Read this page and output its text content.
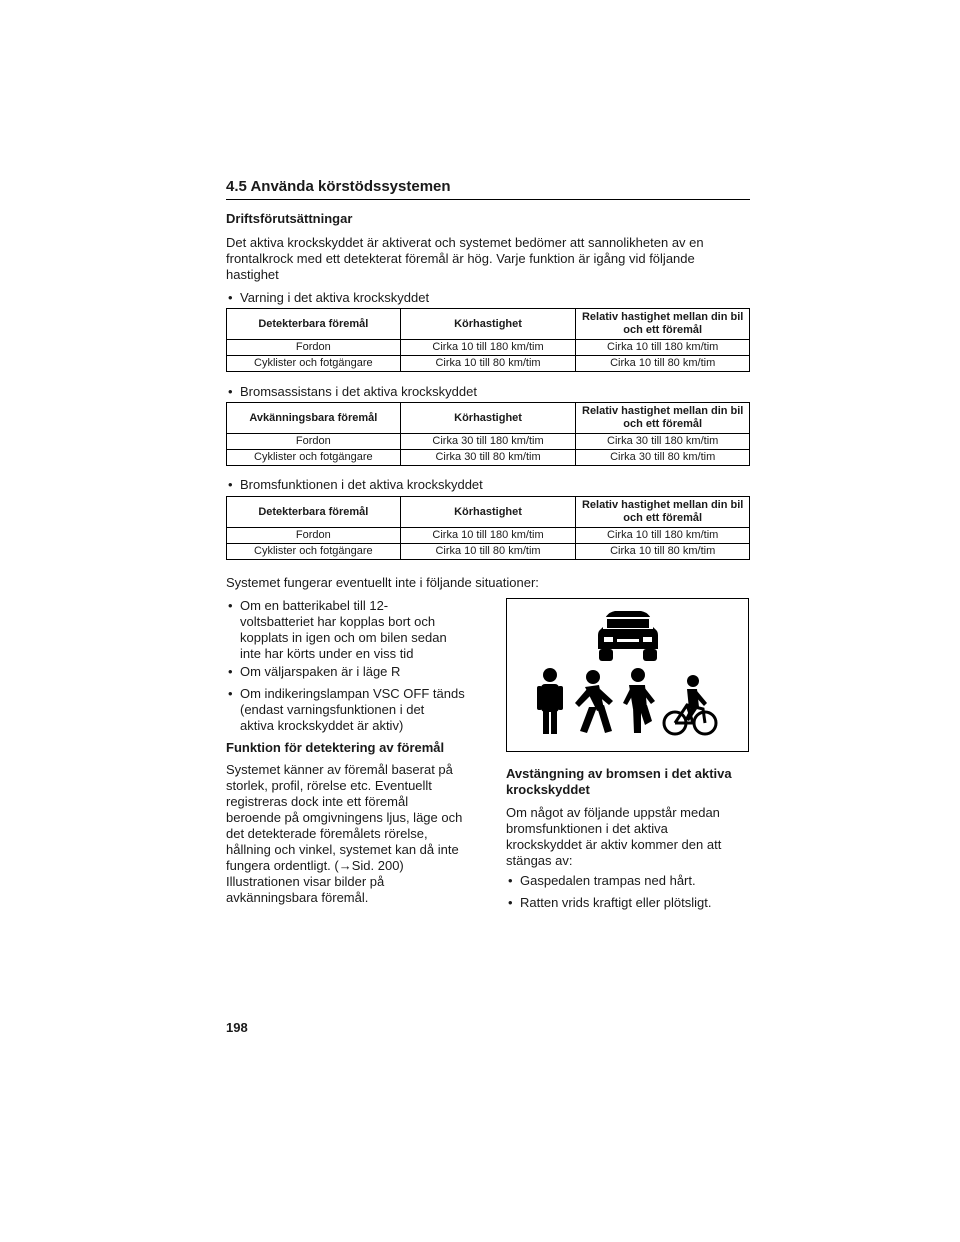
4.5 Använda körstödssystemen
Driftsförutsättningar
Det aktiva krockskyddet är aktiverat och systemet bedömer att sannolikheten av en frontalkrock med ett detekterat föremål är hög. Varje funktion är igång vid följande hastighet
• Varning i det aktiva krockskyddet
Detekterbara föremål	Körhastighet	Relativ hastighet mellan din bil och ett föremål
Fordon	Cirka 10 till 180 km/tim	Cirka 10 till 180 km/tim
Cyklister och fotgängare	Cirka 10 till 80 km/tim	Cirka 10 till 80 km/tim
• Bromsassistans i det aktiva krockskyddet
Avkänningsbara föremål	Körhastighet	Relativ hastighet mellan din bil och ett föremål
Fordon	Cirka 30 till 180 km/tim	Cirka 30 till 180 km/tim
Cyklister och fotgängare	Cirka 30 till 80 km/tim	Cirka 30 till 80 km/tim
• Bromsfunktionen i det aktiva krockskyddet
Detekterbara föremål	Körhastighet	Relativ hastighet mellan din bil och ett föremål
Fordon	Cirka 10 till 180 km/tim	Cirka 10 till 180 km/tim
Cyklister och fotgängare	Cirka 10 till 80 km/tim	Cirka 10 till 80 km/tim
Systemet fungerar eventuellt inte i följande situationer:
• Om en batterikabel till 12-
voltsbatteriet har kopplas bort och
kopplats in igen och om bilen sedan
inte har körts under en viss tid
• Om väljarspaken är i läge R
• Om indikeringslampan VSC OFF tänds
(endast varningsfunktionen i det
aktiva krockskyddet är aktiv)
Funktion för detektering av föremål
Systemet känner av föremål baserat på
storlek, profil, rörelse etc. Eventuellt
registreras dock inte ett föremål
beroende på omgivningens ljus, läge och
det detekterade föremålets rörelse,
hållning och vinkel, systemet kan då inte
fungera ordentligt. (→Sid. 200)
Illustrationen visar bilder på
avkänningsbara föremål.
Avstängning av bromsen i det aktiva
krockskyddet
Om något av följande uppstår medan
bromsfunktionen i det aktiva
krockskyddet är aktiv kommer den att
stängas av:
• Gaspedalen trampas ned hårt.
• Ratten vrids kraftigt eller plötsligt.
198
